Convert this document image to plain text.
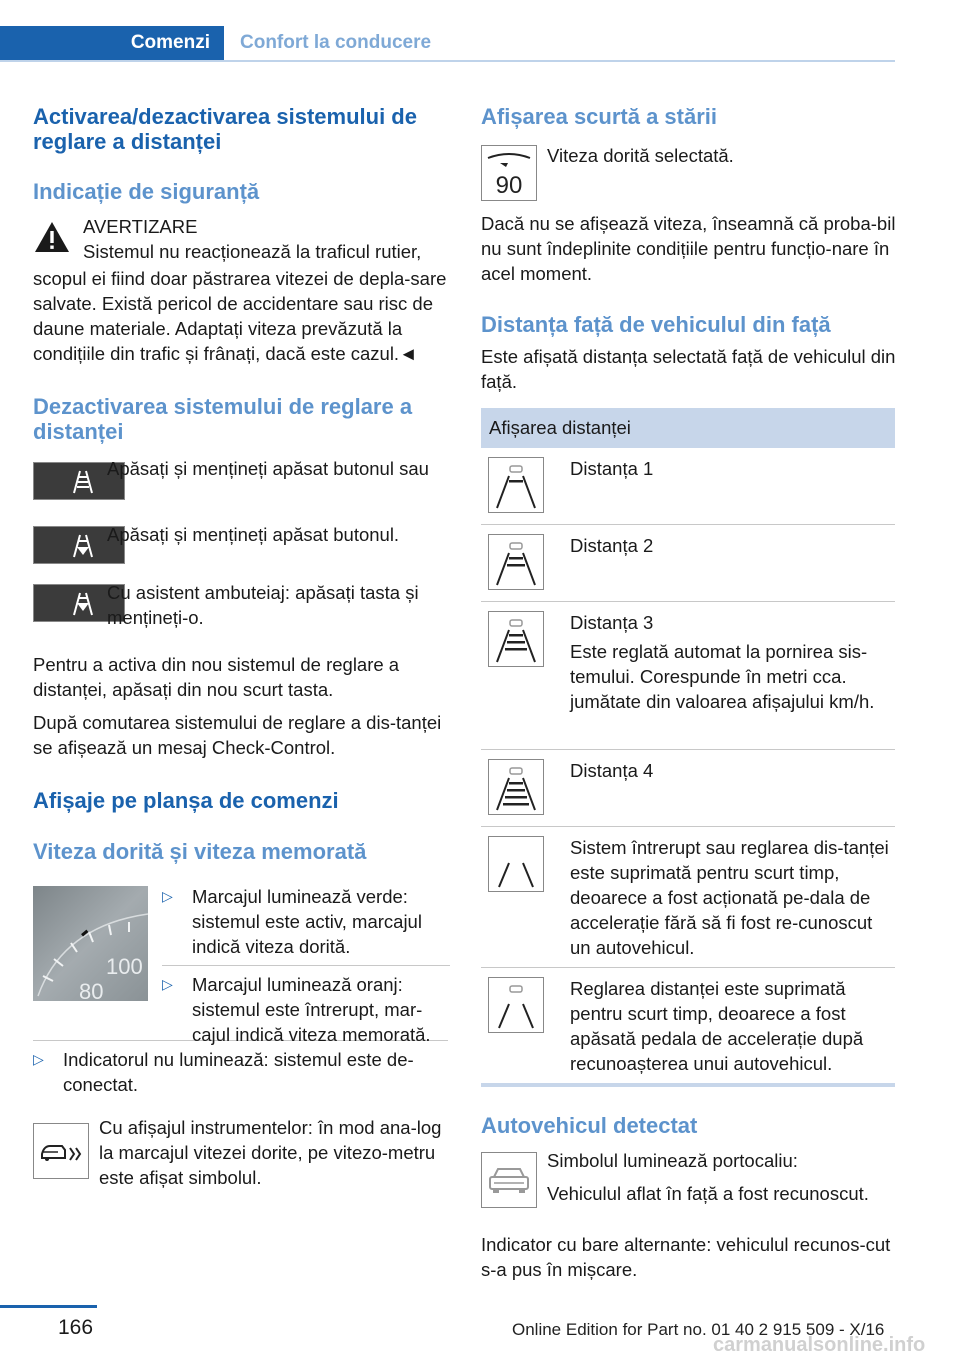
Comenzi	Confort la conducere
Activarea/dezactivarea sistemului de reglare a distanței
Indicație de siguranță

AVERTIZARE

Sistemul nu reacționează la traficul rutier,

scopul ei fiind doar păstrarea vitezei de depla-sare salvate. Există pericol de accidentare sau risc de daune materiale. Adaptați viteza prevăzută la condițiile din trafic și frânați, dacă este cazul.◄

Dezactivarea sistemului de reglare a distanței

Apăsați și mențineți apăsat butonul sau

Apăsați și mențineți apăsat butonul.

Cu asistent ambuteiaj: apăsați tasta și mențineți-o.

Pentru a activa din nou sistemul de reglare a distanței, apăsați din nou scurt tasta.

După comutarea sistemului de reglare a dis-tanței se afișează un mesaj Check-Control.

Afișaje pe planșa de comenzi
Viteza dorită și viteza memorată
100
80
▷ Marcajul luminează verde: sistemul este activ, marcajul indică viteza dorită.

▷ Marcajul luminează oranj: sistemul este întrerupt, mar-cajul indică viteza memorată.

▷ Indicatorul nu luminează: sistemul este de-conectat.

Cu afișajul instrumentelor: în mod ana-log la marcajul vitezei dorite, pe vitezo-metru este afișat simbolul.

Afișarea scurtă a stării
90

Viteza dorită selectată.

Dacă nu se afișează viteza, înseamnă că proba-bil nu sunt îndeplinite condițiile pentru funcțio-nare în acel moment.

Distanța față de vehiculul din față

Este afișată distanța selectată față de vehiculul din față.

Afișarea distanței

Distanța 1

Distanța 2

Distanța 3

Este reglată automat la pornirea sis-temului. Corespunde în metri cca. jumătate din valoarea afișajului km/h.

Distanța 4

Sistem întrerupt sau reglarea dis-tanței este suprimată pentru scurt timp, deoarece a fost acționată pe-dala de accelerație fără să fi fost re-cunoscut un autovehicul.

Reglarea distanței este suprimată pentru scurt timp, deoarece a fost apăsată pedala de accelerație după recunoașterea unui autovehicul.

Autovehicul detectat

Simbolul luminează portocaliu:

Vehiculul aflat în față a fost recunoscut.

Indicator cu bare alternante: vehiculul recunos-cut s-a pus în mișcare.

166	Online Edition for Part no. 01 40 2 915 509 - X/16
carmanualsonline.info
